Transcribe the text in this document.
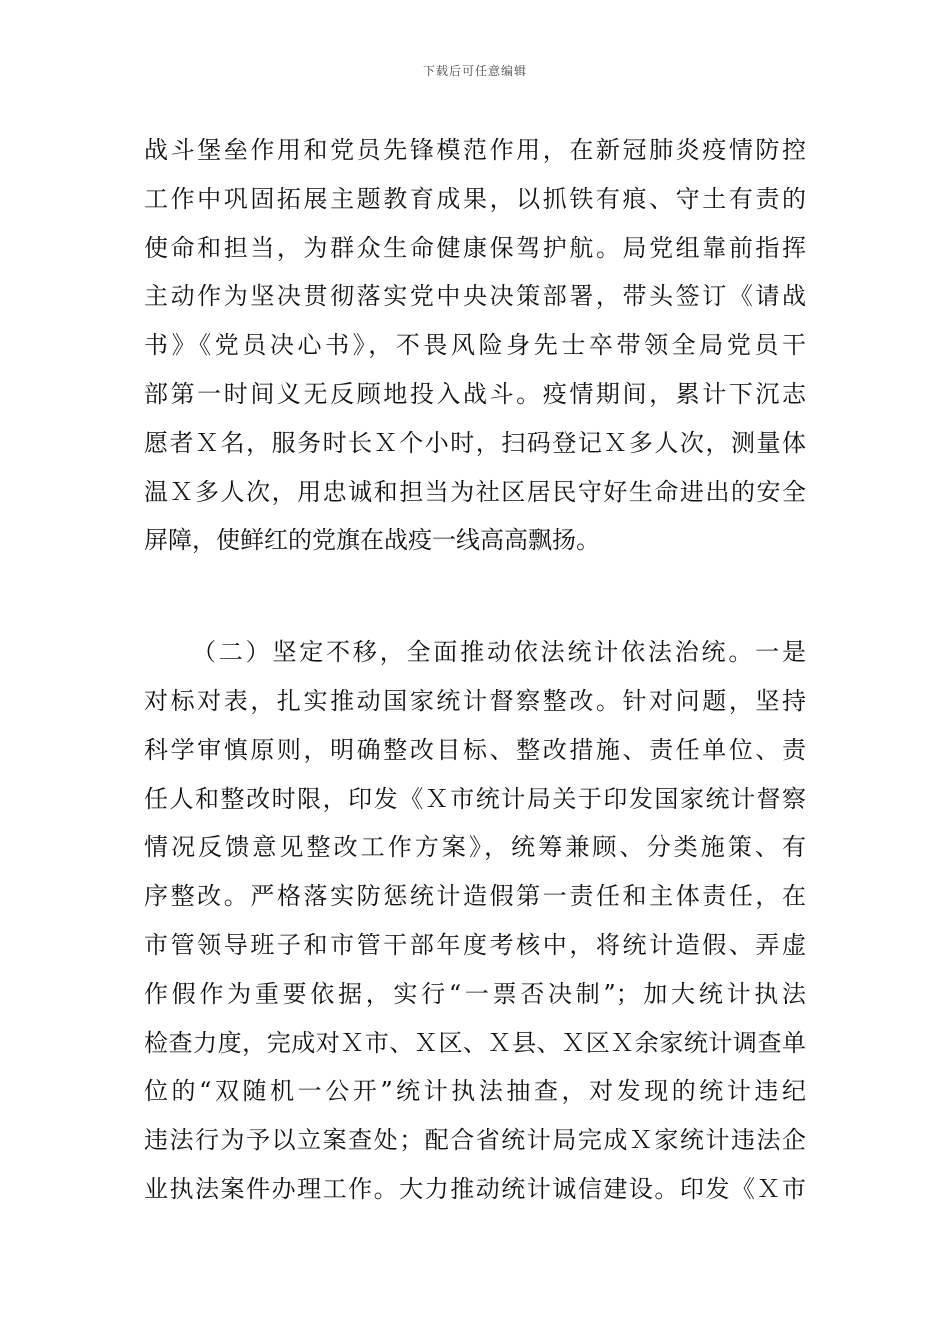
下载后可任意编辑
战斗堡垒作用和党员先锋模范作用，在新冠肺炎疫情防控
工作中巩固拓展主题教育成果，以抓铁有痕、守土有责的
使命和担当，为群众生命健康保驾护航。局党组靠前指挥
主动作为坚决贯彻落实党中央决策部署，带头签订《请战
书》《党员决心书》，不畏风险身先士卒带领全局党员干
部第一时间义无反顾地投入战斗。疫情期间，累计下沉志
愿者Ｘ名，服务时长Ｘ个小时，扫码登记Ｘ多人次，测量体
温Ｘ多人次，用忠诚和担当为社区居民守好生命进出的安全
屏障，使鲜红的党旗在战疫一线高高飘扬。
（二）坚定不移，全面推动依法统计依法治统。一是
对标对表，扎实推动国家统计督察整改。针对问题，坚持
科学审慎原则，明确整改目标、整改措施、责任单位、责
任人和整改时限，印发《Ｘ市统计局关于印发国家统计督察
情况反馈意见整改工作方案》，统筹兼顾、分类施策、有
序整改。严格落实防惩统计造假第一责任和主体责任，在
市管领导班子和市管干部年度考核中，将统计造假、弄虚
作假作为重要依据，实行“一票否决制”；加大统计执法
检查力度，完成对Ｘ市、Ｘ区、Ｘ县、Ｘ区Ｘ余家统计调查单
位的“双随机一公开”统计执法抽查，对发现的统计违纪
违法行为予以立案查处；配合省统计局完成Ｘ家统计违法企
业执法案件办理工作。大力推动统计诚信建设。印发《Ｘ市
